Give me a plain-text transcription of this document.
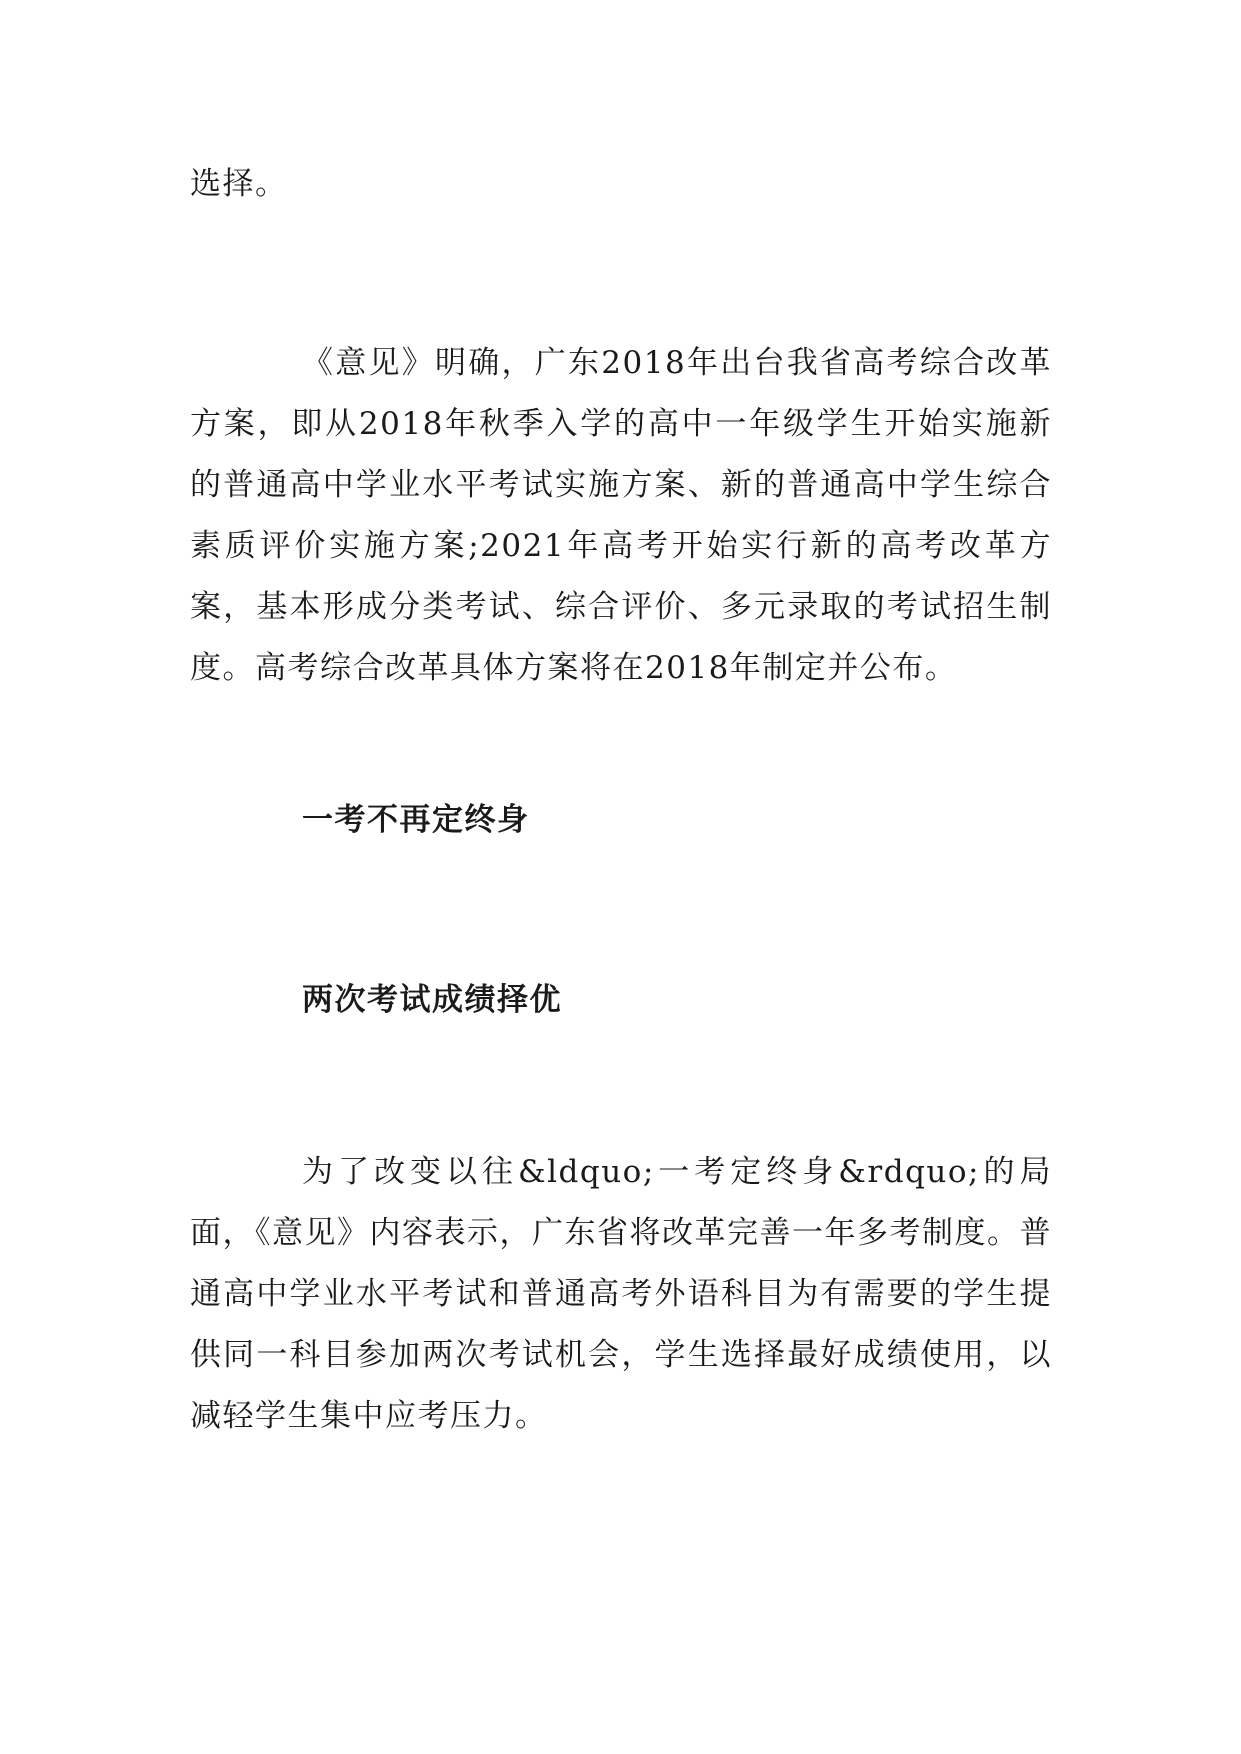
选择。

《意见》明确，广东2018年出台我省高考综合改革方案，即从2018年秋季入学的高中一年级学生开始实施新的普通高中学业水平考试实施方案、新的普通高中学生综合素质评价实施方案;2021年高考开始实行新的高考改革方案，基本形成分类考试、综合评价、多元录取的考试招生制度。高考综合改革具体方案将在2018年制定并公布。

一考不再定终身
两次考试成绩择优

为了改变以往&ldquo;一考定终身&rdquo;的局面，《意见》内容表示，广东省将改革完善一年多考制度。普通高中学业水平考试和普通高考外语科目为有需要的学生提供同一科目参加两次考试机会，学生选择最好成绩使用，以减轻学生集中应考压力。
